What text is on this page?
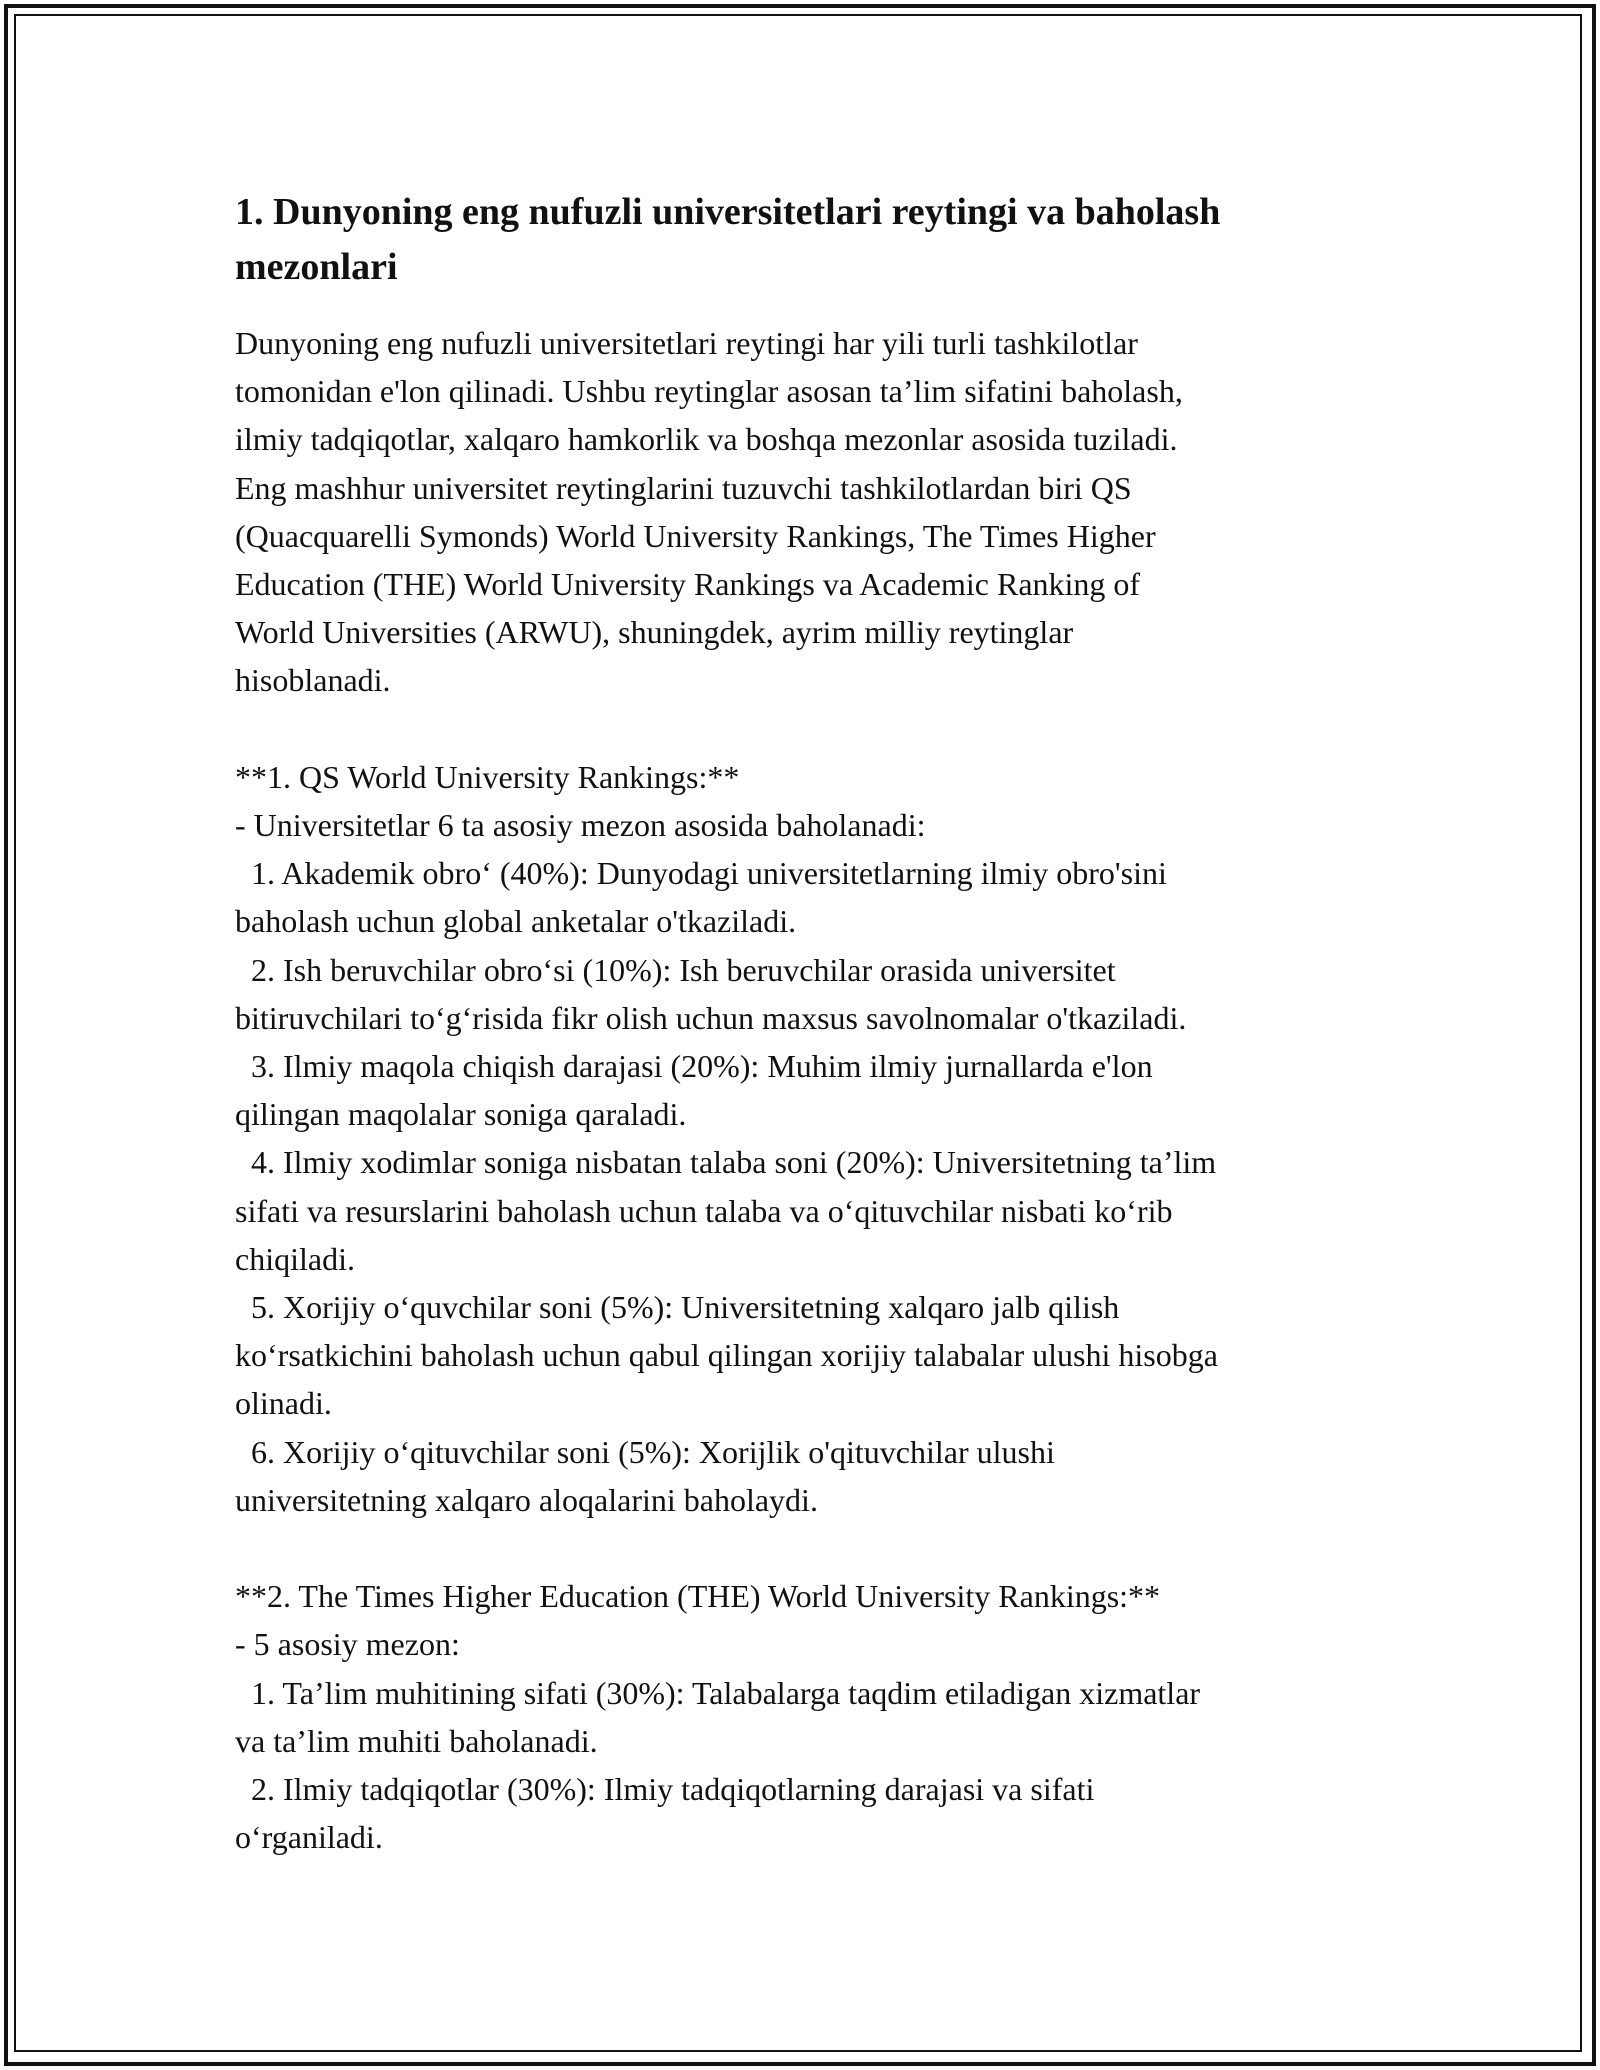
1. Dunyoning eng nufuzli universitetlari reytingi va baholash
mezonlari
Dunyoning eng nufuzli universitetlari reytingi har yili turli tashkilotlar
tomonidan e'lon qilinadi. Ushbu reytinglar asosan ta’lim sifatini baholash,
ilmiy tadqiqotlar, xalqaro hamkorlik va boshqa mezonlar asosida tuziladi.
Eng mashhur universitet reytinglarini tuzuvchi tashkilotlardan biri QS
(Quacquarelli Symonds) World University Rankings, The Times Higher
Education (THE) World University Rankings va Academic Ranking of
World Universities (ARWU), shuningdek, ayrim milliy reytinglar
hisoblanadi.
**1. QS World University Rankings:**
- Universitetlar 6 ta asosiy mezon asosida baholanadi:
1. Akademik obro‘ (40%): Dunyodagi universitetlarning ilmiy obro'sini
baholash uchun global anketalar o'tkaziladi.
2. Ish beruvchilar obro‘si (10%): Ish beruvchilar orasida universitet
bitiruvchilari to‘g‘risida fikr olish uchun maxsus savolnomalar o'tkaziladi.
3. Ilmiy maqola chiqish darajasi (20%): Muhim ilmiy jurnallarda e'lon
qilingan maqolalar soniga qaraladi.
4. Ilmiy xodimlar soniga nisbatan talaba soni (20%): Universitetning ta’lim
sifati va resurslarini baholash uchun talaba va o‘qituvchilar nisbati ko‘rib
chiqiladi.
5. Xorijiy o‘quvchilar soni (5%): Universitetning xalqaro jalb qilish
ko‘rsatkichini baholash uchun qabul qilingan xorijiy talabalar ulushi hisobga
olinadi.
6. Xorijiy o‘qituvchilar soni (5%): Xorijlik o'qituvchilar ulushi
universitetning xalqaro aloqalarini baholaydi.
**2. The Times Higher Education (THE) World University Rankings:**
- 5 asosiy mezon:
1. Ta’lim muhitining sifati (30%): Talabalarga taqdim etiladigan xizmatlar
va ta’lim muhiti baholanadi.
2. Ilmiy tadqiqotlar (30%): Ilmiy tadqiqotlarning darajasi va sifati
o‘rganiladi.
